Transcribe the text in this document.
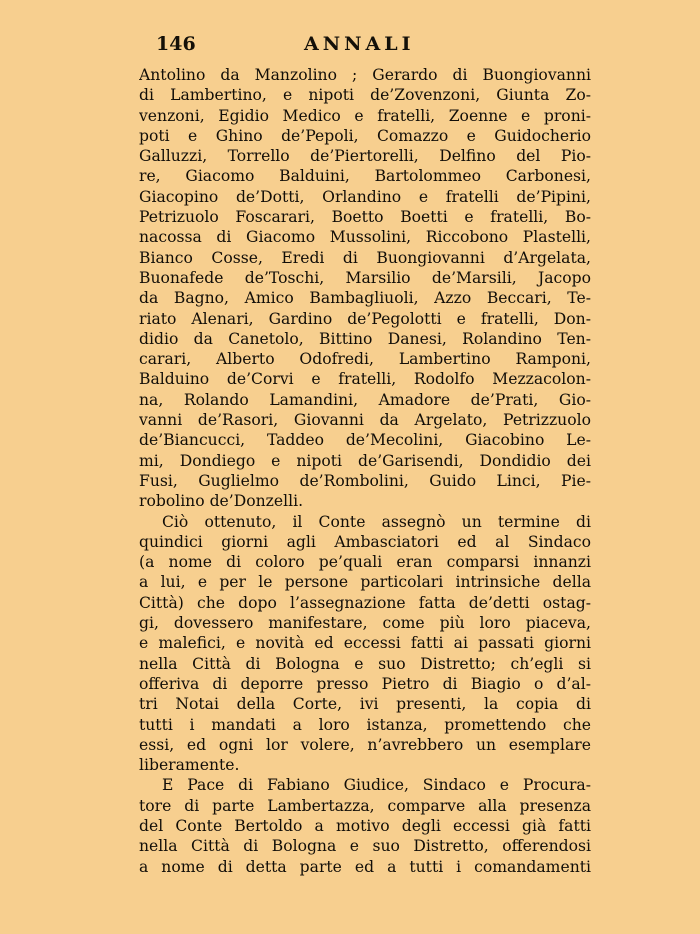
146	ANNALI
Antolino da Manzolino ; Gerardo di Buongiovanni
di Lambertino, e nipoti de’Zovenzoni, Giunta Zo-
venzoni, Egidio Medico e fratelli, Zoenne e proni-
poti e Ghino de’Pepoli, Comazzo e Guidocherio
Galluzzi, Torrello de’Piertorelli, Delfino del Pio-
re, Giacomo Balduini, Bartolommeo Carbonesi,
Giacopino de’Dotti, Orlandino e fratelli de’Pipini,
Petrizuolo Foscarari, Boetto Boetti e fratelli, Bo-
nacossa di Giacomo Mussolini, Riccobono Plastelli,
Bianco Cosse, Eredi di Buongiovanni d’Argelata,
Buonafede de’Toschi, Marsilio de’Marsili, Jacopo
da Bagno, Amico Bambagliuoli, Azzo Beccari, Te-
riato Alenari, Gardino de’Pegolotti e fratelli, Don-
didio da Canetolo, Bittino Danesi, Rolandino Ten-
carari, Alberto Odofredi, Lambertino Ramponi,
Balduino de’Corvi e fratelli, Rodolfo Mezzacolon-
na, Rolando Lamandini, Amadore de’Prati, Gio-
vanni de’Rasori, Giovanni da Argelato, Petrizzuolo
de’Biancucci, Taddeo de’Mecolini, Giacobino Le-
mi, Dondiego e nipoti de’Garisendi, Dondidio dei
Fusi, Guglielmo de’Rombolini, Guido Linci, Pie-
robolino de’Donzelli.
Ciò ottenuto, il Conte assegnò un termine di
quindici giorni agli Ambasciatori ed al Sindaco
(a nome di coloro pe’quali eran comparsi innanzi
a lui, e per le persone particolari intrinsiche della
Città) che dopo l’assegnazione fatta de’detti ostag-
gi, dovessero manifestare, come più loro piaceva,
e malefici, e novità ed eccessi fatti ai passati giorni
nella Città di Bologna e suo Distretto; ch’egli si
offeriva di deporre presso Pietro di Biagio o d’al-
tri Notai della Corte, ivi presenti, la copia di
tutti i mandati a loro istanza, promettendo che
essi, ed ogni lor volere, n’avrebbero un esemplare
liberamente.
E Pace di Fabiano Giudice, Sindaco e Procura-
tore di parte Lambertazza, comparve alla presenza
del Conte Bertoldo a motivo degli eccessi già fatti
nella Città di Bologna e suo Distretto, offerendosi
a nome di detta parte ed a tutti i comandamenti
